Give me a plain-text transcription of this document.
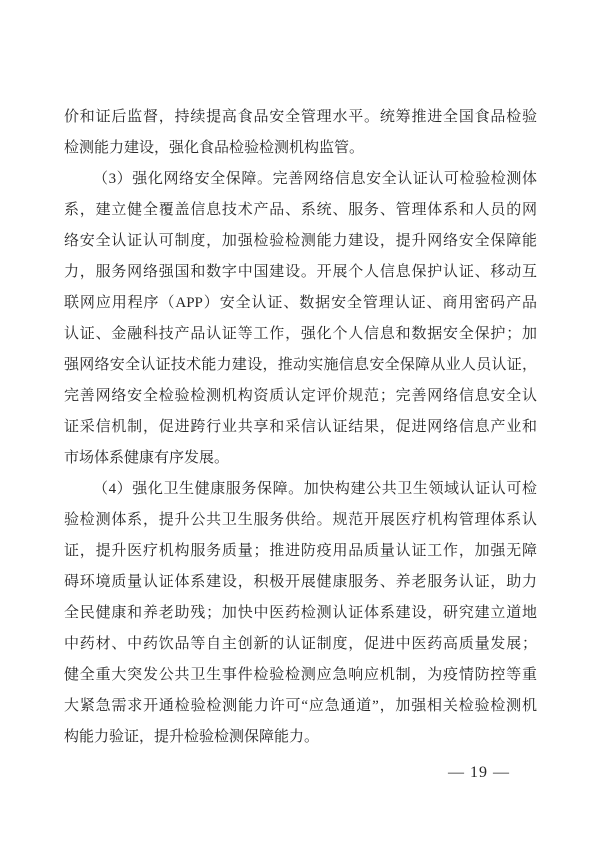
价和证后监督，持续提高食品安全管理水平。统筹推进全国食品检验
检测能力建设，强化食品检验检测机构监管。
（3）强化网络安全保障。完善网络信息安全认证认可检验检测体
系，建立健全覆盖信息技术产品、系统、服务、管理体系和人员的网
络安全认证认可制度，加强检验检测能力建设，提升网络安全保障能
力，服务网络强国和数字中国建设。开展个人信息保护认证、移动互
联网应用程序（APP）安全认证、数据安全管理认证、商用密码产品
认证、金融科技产品认证等工作，强化个人信息和数据安全保护；加
强网络安全认证技术能力建设，推动实施信息安全保障从业人员认证，
完善网络安全检验检测机构资质认定评价规范；完善网络信息安全认
证采信机制，促进跨行业共享和采信认证结果，促进网络信息产业和
市场体系健康有序发展。
（4）强化卫生健康服务保障。加快构建公共卫生领域认证认可检
验检测体系，提升公共卫生服务供给。规范开展医疗机构管理体系认
证，提升医疗机构服务质量；推进防疫用品质量认证工作，加强无障
碍环境质量认证体系建设，积极开展健康服务、养老服务认证，助力
全民健康和养老助残；加快中医药检测认证体系建设，研究建立道地
中药材、中药饮品等自主创新的认证制度，促进中医药高质量发展；
健全重大突发公共卫生事件检验检测应急响应机制，为疫情防控等重
大紧急需求开通检验检测能力许可“应急通道”，加强相关检验检测机
构能力验证，提升检验检测保障能力。
— 19 —
